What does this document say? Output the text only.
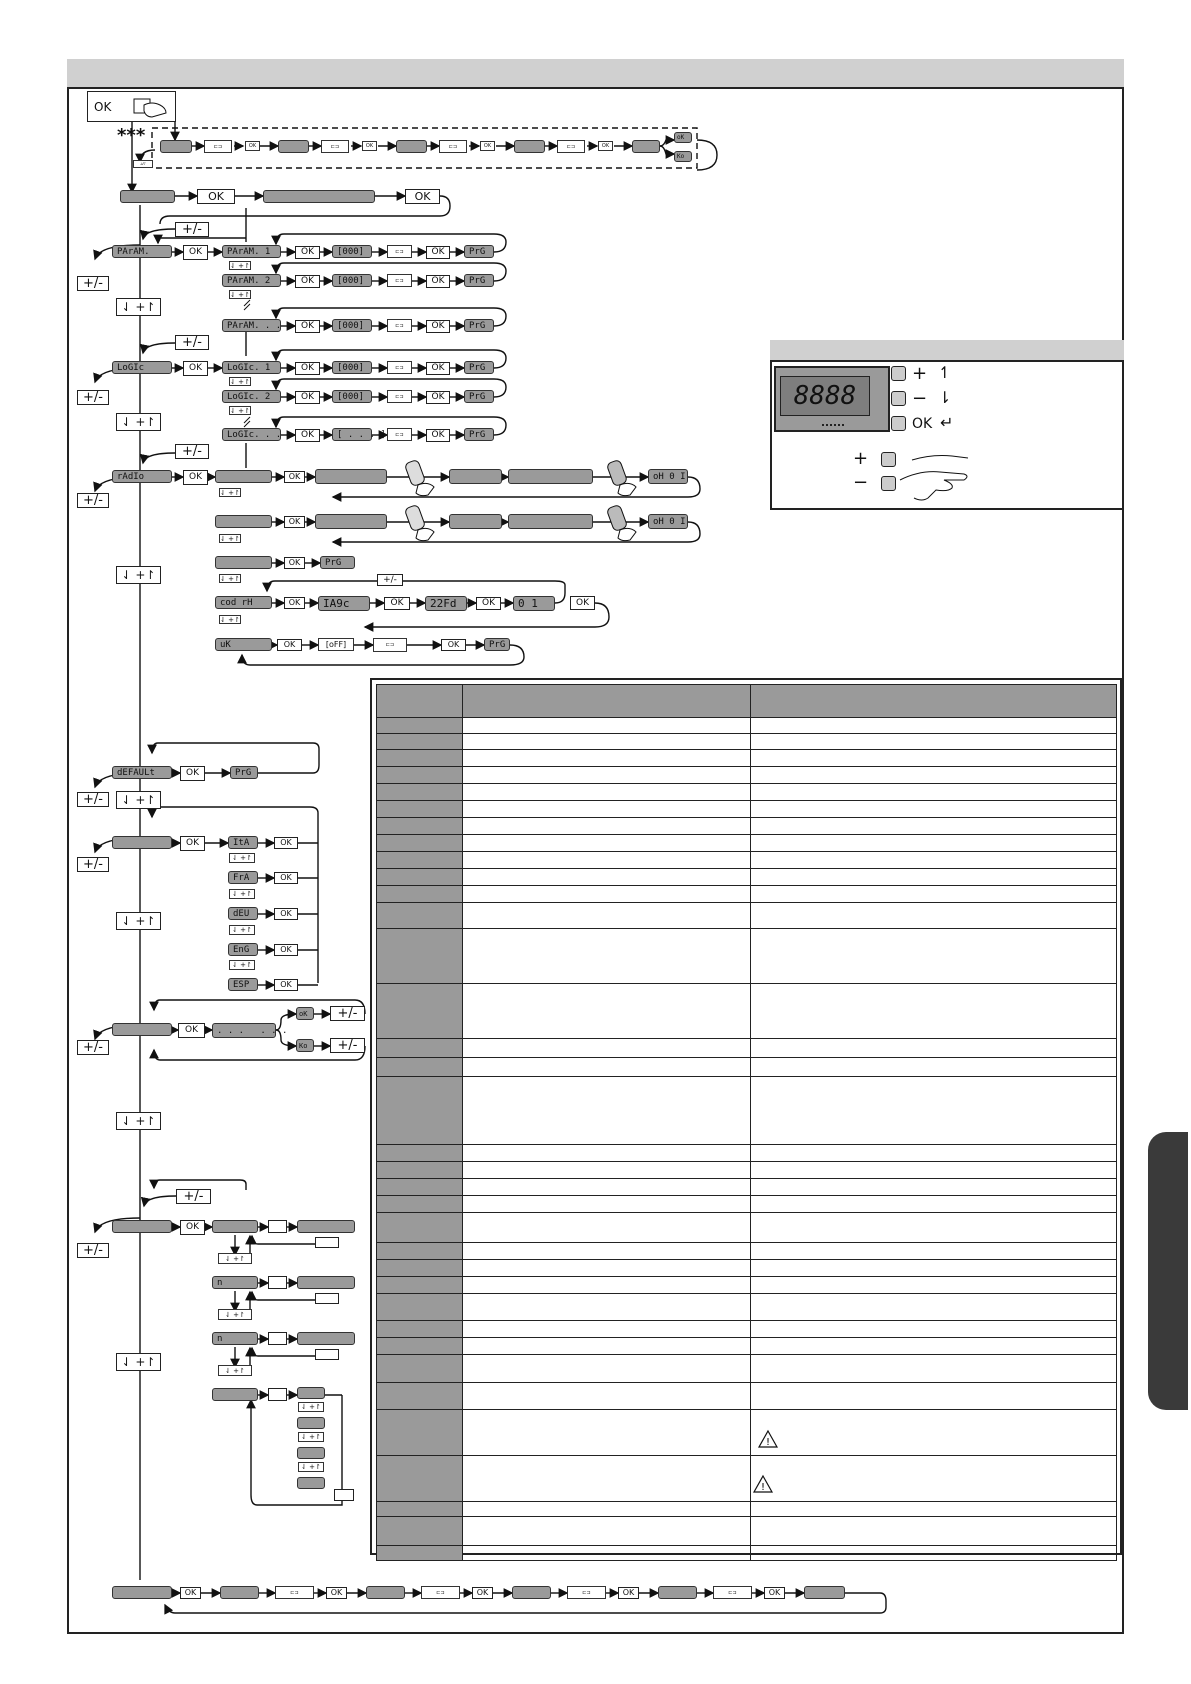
OK
***
▵▿
⊏⊐	OK	⊏⊐	OK	⊏⊐	OK	⊏⊐	OK
oK
Ko
OK	OK
+/-
PArAM.	OK	PArAM. 1
PArAM. 2
PArAM. . . .
⇃ +↾
⇃ +↾
OK
OK
OK
[000]
[000]
[000]
⊏⊐
⊏⊐
⊏⊐
OK
OK
OK
PrG
PrG
PrG
+/-
⇃ +↾
+/-
LoGIc	OK	LoGIc. 1
LoGIc. 2
LoGIc. . . .
⇃ +↾
⇃ +↾
OK
OK
OK
[000]
[000]
[ . . . ]
⊏⊐
⊏⊐
⊏⊐
OK
OK
OK
PrG
PrG
PrG
+/-
⇃ +↾
+/-
rAdIo	OK
cod rH
uK
⇃ +↾
⇃ +↾
⇃ +↾
⇃ +↾
OK
OK
OK
OK
OK
oH 0 I
oH 0 I
PrG
+/-
IA9c	OK	22Fd	OK	0 1	OK
[oFF]	⊏⊐	OK	PrG
+/-
⇃ +↾
dEFAULt	OK	PrG
+/-	⇃ +↾
OK	ItA
FrA
dEU
EnG
ESP
⇃ +↾
⇃ +↾
⇃ +↾
⇃ +↾
OK
OK
OK
OK
OK
+/-
⇃ +↾
OK	. . .   . . .
oK
Ko
+/-
+/-
+/-
⇃ +↾
+/-
OK
n
n
⇃ +↾
⇃ +↾
⇃ +↾
⇃ +↾
⇃ +↾
⇃ +↾
+/-
⇃ +↾
OK	⊏⊐	OK	⊏⊐	OK	⊏⊐	OK	⊏⊐	OK
8888
+ ↿
− ⇂
OK ↵
+
−

!
!
